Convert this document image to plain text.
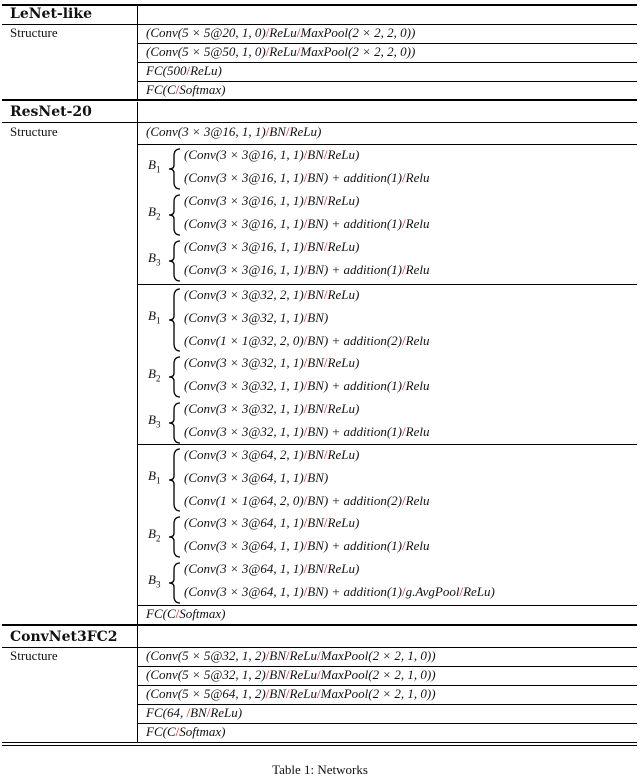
LeNet-like
Structure	(Conv(5 × 5@20, 1, 0)/ReLu/MaxPool(2 × 2, 2, 0))
(Conv(5 × 5@50, 1, 0)/ReLu/MaxPool(2 × 2, 2, 0))
FC(500/ReLu)
FC(C/Softmax)
ResNet-20
Structure	(Conv(3 × 3@16, 1, 1)/BN/ReLu)
$B_1$
(Conv(3 × 3@16, 1, 1)/BN/ReLu)
(Conv(3 × 3@16, 1, 1)/BN) + addition(1)/Relu
$B_2$
(Conv(3 × 3@16, 1, 1)/BN/ReLu)
(Conv(3 × 3@16, 1, 1)/BN) + addition(1)/Relu
$B_3$
(Conv(3 × 3@16, 1, 1)/BN/ReLu)
(Conv(3 × 3@16, 1, 1)/BN) + addition(1)/Relu
$B_1$
(Conv(3 × 3@32, 2, 1)/BN/ReLu)
(Conv(3 × 3@32, 1, 1)/BN)
(Conv(1 × 1@32, 2, 0)/BN) + addition(2)/Relu
$B_2$
(Conv(3 × 3@32, 1, 1)/BN/ReLu)
(Conv(3 × 3@32, 1, 1)/BN) + addition(1)/Relu
$B_3$
(Conv(3 × 3@32, 1, 1)/BN/ReLu)
(Conv(3 × 3@32, 1, 1)/BN) + addition(1)/Relu
$B_1$
(Conv(3 × 3@64, 2, 1)/BN/ReLu)
(Conv(3 × 3@64, 1, 1)/BN)
(Conv(1 × 1@64, 2, 0)/BN) + addition(2)/Relu
$B_2$
(Conv(3 × 3@64, 1, 1)/BN/ReLu)
(Conv(3 × 3@64, 1, 1)/BN) + addition(1)/Relu
$B_3$
(Conv(3 × 3@64, 1, 1)/BN/ReLu)
(Conv(3 × 3@64, 1, 1)/BN) + addition(1)/g.AvgPool/ReLu)
FC(C/Softmax)
ConvNet3FC2
Structure	(Conv(5 × 5@32, 1, 2)/BN/ReLu/MaxPool(2 × 2, 1, 0))
(Conv(5 × 5@32, 1, 2)/BN/ReLu/MaxPool(2 × 2, 1, 0))
(Conv(5 × 5@64, 1, 2)/BN/ReLu/MaxPool(2 × 2, 1, 0))
FC(64, /BN/ReLu)
FC(C/Softmax)
Table 1: Networks
